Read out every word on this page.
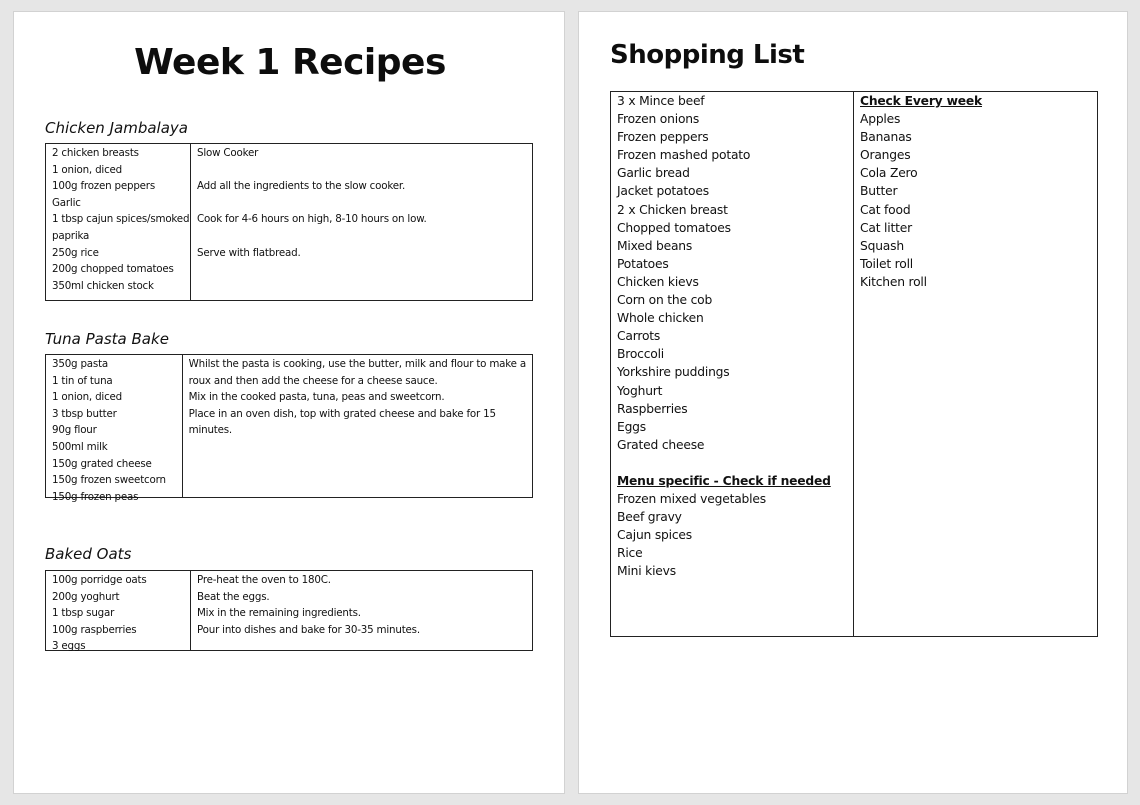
Week 1 Recipes
Chicken Jambalaya
2 chicken breasts
1 onion, diced
100g frozen peppers
Garlic
1 tbsp cajun spices/smoked
paprika
250g rice
200g chopped tomatoes
350ml chicken stock
Slow Cooker
Add all the ingredients to the slow cooker.
Cook for 4-6 hours on high, 8-10 hours on low.
Serve with flatbread.
Tuna Pasta Bake
350g pasta
1 tin of tuna
1 onion, diced
3 tbsp butter
90g flour
500ml milk
150g grated cheese
150g frozen sweetcorn
150g frozen peas
Whilst the pasta is cooking, use the butter, milk and flour to make a
roux and then add the cheese for a cheese sauce.
Mix in the cooked pasta, tuna, peas and sweetcorn.
Place in an oven dish, top with grated cheese and bake for 15
minutes.
Baked Oats
100g porridge oats
200g yoghurt
1 tbsp sugar
100g raspberries
3 eggs
Pre-heat the oven to 180C.
Beat the eggs.
Mix in the remaining ingredients.
Pour into dishes and bake for 30-35 minutes.
Shopping List
3 x Mince beef
Frozen onions
Frozen peppers
Frozen mashed potato
Garlic bread
Jacket potatoes
2 x Chicken breast
Chopped tomatoes
Mixed beans
Potatoes
Chicken kievs
Corn on the cob
Whole chicken
Carrots
Broccoli
Yorkshire puddings
Yoghurt
Raspberries
Eggs
Grated cheese
Menu specific - Check if needed
Frozen mixed vegetables
Beef gravy
Cajun spices
Rice
Mini kievs
Check Every week
Apples
Bananas
Oranges
Cola Zero
Butter
Cat food
Cat litter
Squash
Toilet roll
Kitchen roll
